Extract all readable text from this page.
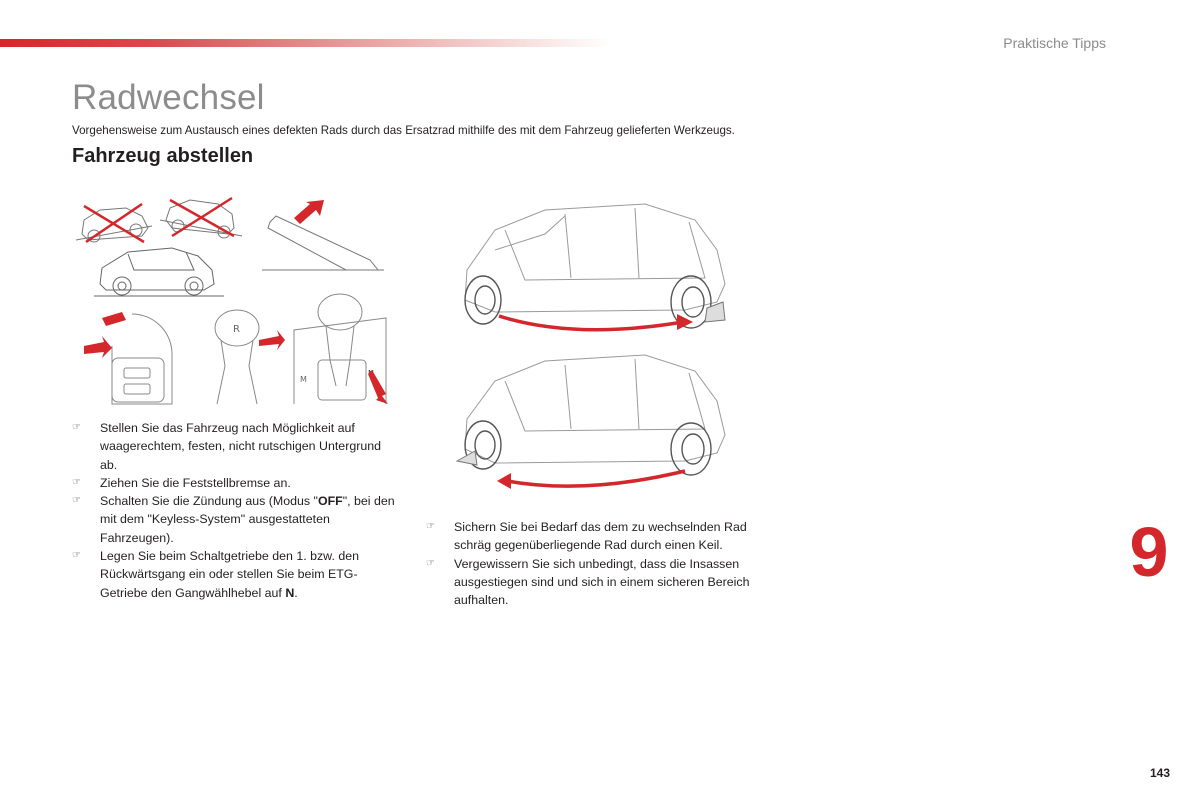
Praktische Tipps
Radwechsel
Vorgehensweise zum Austausch eines defekten Rads durch das Ersatzrad mithilfe des mit dem Fahrzeug gelieferten Werkzeugs.
Fahrzeug abstellen
R
M
☞ Stellen Sie das Fahrzeug nach Möglichkeit auf waagerechtem, festen, nicht rutschigen Untergrund ab.
☞ Ziehen Sie die Feststellbremse an.
☞ Schalten Sie die Zündung aus (Modus "OFF", bei den mit dem "Keyless-System" ausgestatteten Fahrzeugen).
☞ Legen Sie beim Schaltgetriebe den 1. bzw. den Rückwärtsgang ein oder stellen Sie beim ETG-Getriebe den Gangwählhebel auf N.
☞ Sichern Sie bei Bedarf das dem zu wechselnden Rad schräg gegenüberliegende Rad durch einen Keil.
☞ Vergewissern Sie sich unbedingt, dass die Insassen ausgestiegen sind und sich in einem sicheren Bereich aufhalten.
9
143
